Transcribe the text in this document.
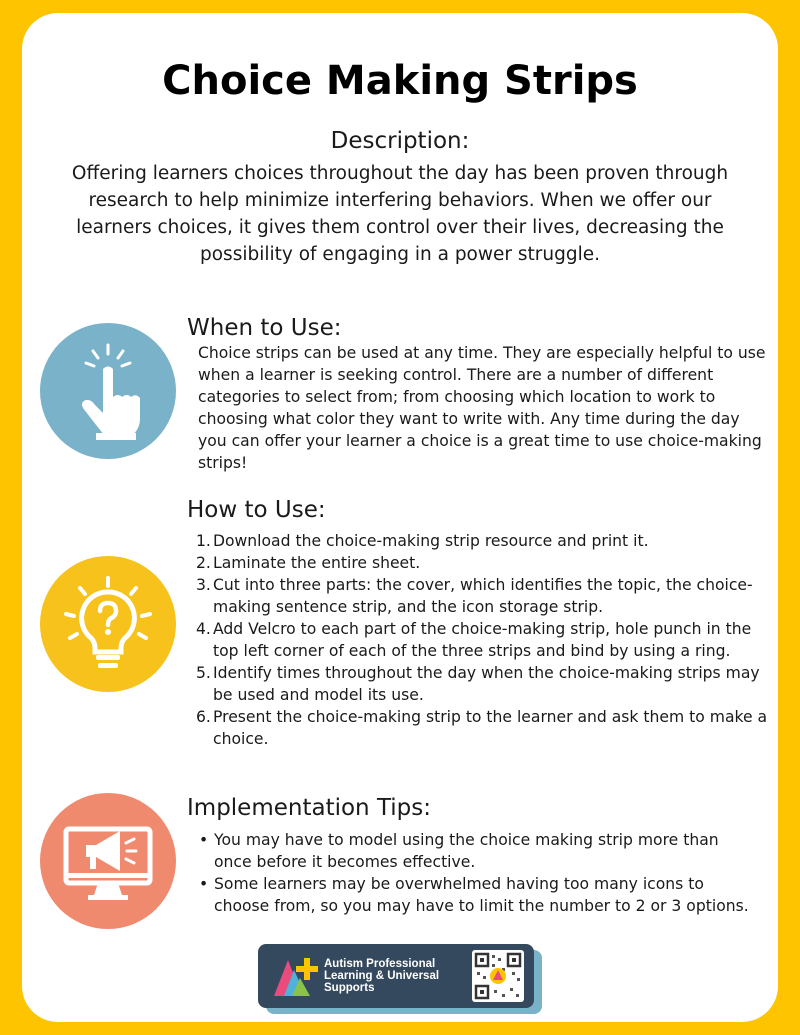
Choice Making Strips
Description:

Offering learners choices throughout the day has been proven through research to help minimize interfering behaviors. When we offer our learners choices, it gives them control over their lives, decreasing the possibility of engaging in a power struggle.

When to Use:

Choice strips can be used at any time. They are especially helpful to use when a learner is seeking control. There are a number of different categories to select from; from choosing which location to work to choosing what color they want to write with. Any time during the day you can offer your learner a choice is a great time to use choice-making strips!

How to Use:
1. Download the choice-making strip resource and print it.
2. Laminate the entire sheet.
3. Cut into three parts: the cover, which identifies the topic, the choice-making sentence strip, and the icon storage strip.
4. Add Velcro to each part of the choice-making strip, hole punch in the top left corner of each of the three strips and bind by using a ring.
5. Identify times throughout the day when the choice-making strips may be used and model its use.
6. Present the choice-making strip to the learner and ask them to make a choice.
Implementation Tips:
• You may have to model using the choice making strip more than once before it becomes effective.
• Some learners may be overwhelmed having too many icons to choose from, so you may have to limit the number to 2 or 3 options.
Autism Professional
Learning & Universal
Supports
